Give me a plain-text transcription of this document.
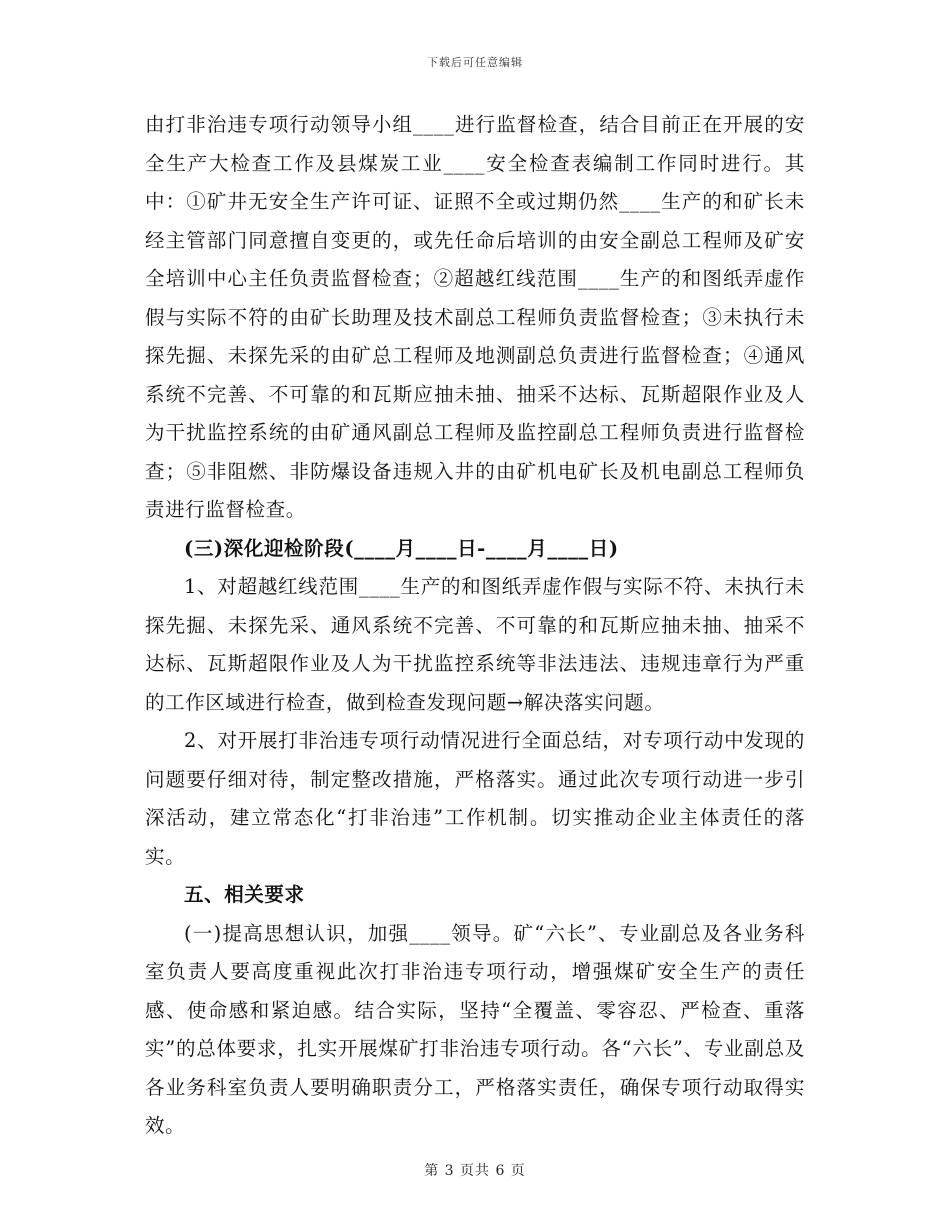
下载后可任意编辑

由打非治违专项行动领导小组____进行监督检查，结合目前正在开展的安全生产大检查工作及县煤炭工业____安全检查表编制工作同时进行。其中：①矿井无安全生产许可证、证照不全或过期仍然____生产的和矿长未经主管部门同意擅自变更的，或先任命后培训的由安全副总工程师及矿安全培训中心主任负责监督检查；②超越红线范围____生产的和图纸弄虚作假与实际不符的由矿长助理及技术副总工程师负责监督检查；③未执行未探先掘、未探先采的由矿总工程师及地测副总负责进行监督检查；④通风系统不完善、不可靠的和瓦斯应抽未抽、抽采不达标、瓦斯超限作业及人为干扰监控系统的由矿通风副总工程师及监控副总工程师负责进行监督检查；⑤非阻燃、非防爆设备违规入井的由矿机电矿长及机电副总工程师负责进行监督检查。

(三)深化迎检阶段(____月____日-____月____日)

1、对超越红线范围____生产的和图纸弄虚作假与实际不符、未执行未探先掘、未探先采、通风系统不完善、不可靠的和瓦斯应抽未抽、抽采不达标、瓦斯超限作业及人为干扰监控系统等非法违法、违规违章行为严重的工作区域进行检查，做到检查发现问题→解决落实问题。

2、对开展打非治违专项行动情况进行全面总结，对专项行动中发现的问题要仔细对待，制定整改措施，严格落实。通过此次专项行动进一步引深活动，建立常态化“打非治违”工作机制。切实推动企业主体责任的落实。

五、相关要求

(一)提高思想认识，加强____领导。矿“六长”、专业副总及各业务科室负责人要高度重视此次打非治违专项行动，增强煤矿安全生产的责任感、使命感和紧迫感。结合实际，坚持“全覆盖、零容忍、严检查、重落实”的总体要求，扎实开展煤矿打非治违专项行动。各“六长”、专业副总及各业务科室负责人要明确职责分工，严格落实责任，确保专项行动取得实效。

第 3 页共 6 页
